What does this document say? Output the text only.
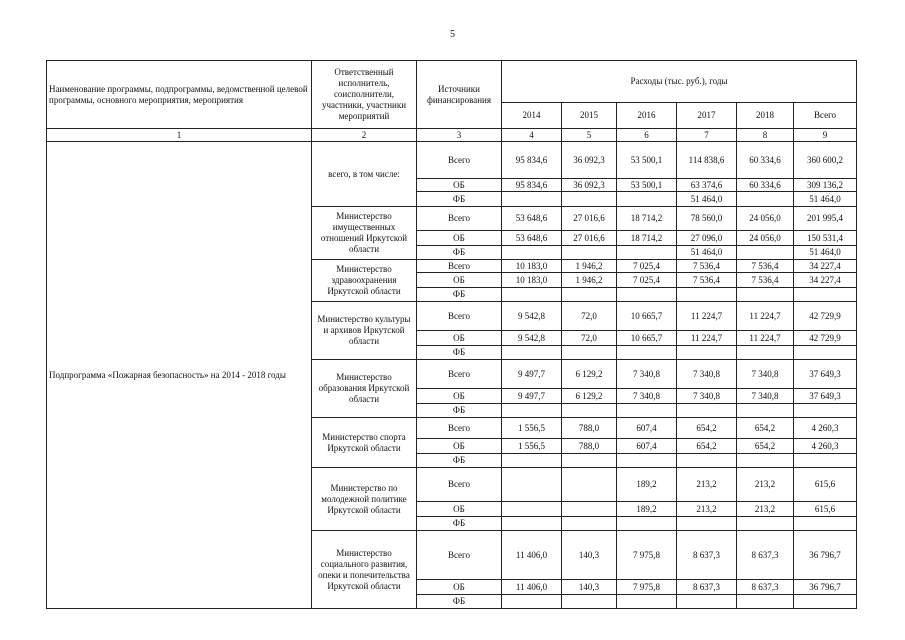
5
Наименование программы, подпрограммы, ведомственной целевой программы, основного мероприятия, мероприятия	Ответственный исполнитель, соисполнители, участники, участники мероприятий	Источники финансирования	Расходы (тыс. руб.), годы					
			2014	2015	2016	2017	2018	Всего
1	2	3	4	5	6	7	8	9
Подпрограмма «Пожарная безопасность» на 2014 - 2018 годы	всего, в том числе:	Всего	95 834,6	36 092,3	53 500,1	114 838,6	60 334,6	360 600,2
		ОБ	95 834,6	36 092,3	53 500,1	63 374,6	60 334,6	309 136,2
		ФБ				51 464,0		51 464,0
	Министерство имущественных отношений Иркутской области	Всего	53 648,6	27 016,6	18 714,2	78 560,0	24 056,0	201 995,4
		ОБ	53 648,6	27 016,6	18 714,2	27 096,0	24 056,0	150 531,4
		ФБ				51 464,0		51 464,0
	Министерство здравоохранения Иркутской области	Всего	10 183,0	1 946,2	7 025,4	7 536,4	7 536,4	34 227,4
		ОБ	10 183,0	1 946,2	7 025,4	7 536,4	7 536,4	34 227,4
		ФБ						
	Министерство культуры и архивов Иркутской области	Всего	9 542,8	72,0	10 665,7	11 224,7	11 224,7	42 729,9
		ОБ	9 542,8	72,0	10 665,7	11 224,7	11 224,7	42 729,9
		ФБ						
	Министерство образования Иркутской области	Всего	9 497,7	6 129,2	7 340,8	7 340,8	7 340,8	37 649,3
		ОБ	9 497,7	6 129,2	7 340,8	7 340,8	7 340,8	37 649,3
		ФБ						
	Министерство спорта Иркутской области	Всего	1 556,5	788,0	607,4	654,2	654,2	4 260,3
		ОБ	1 556,5	788,0	607,4	654,2	654,2	4 260,3
		ФБ						
	Министерство по молодежной политике Иркутской области	Всего			189,2	213,2	213,2	615,6
		ОБ			189,2	213,2	213,2	615,6
		ФБ						
	Министерство социального развития, опеки и попечительства Иркутской области	Всего	11 406,0	140,3	7 975,8	8 637,3	8 637,3	36 796,7
		ОБ	11 406,0	140,3	7 975,8	8 637,3	8 637,3	36 796,7
		ФБ						
